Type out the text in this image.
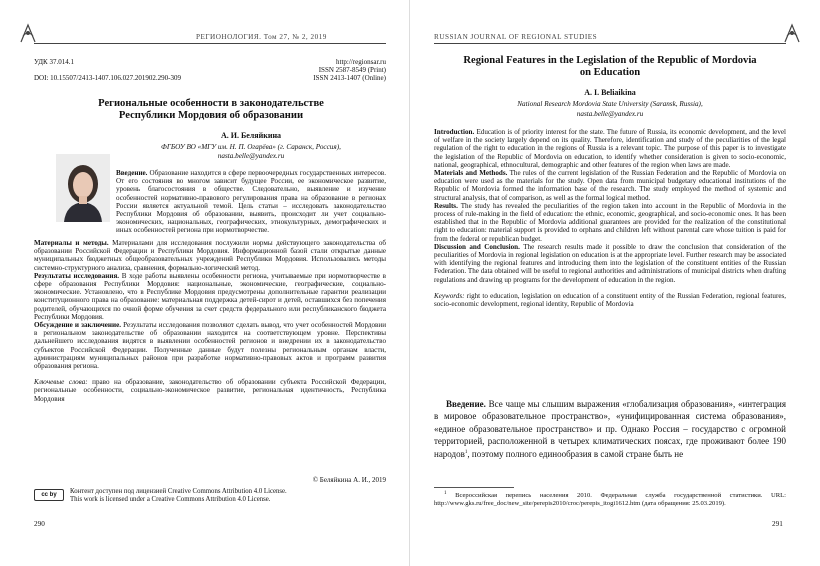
РЕГИОНОЛОГИЯ. Том 27, № 2, 2019
УДК 37.014.1
DOI: 10.15507/2413-1407.106.027.201902.290-309
http://regionsar.ru
ISSN 2587-8549 (Print)
ISSN 2413-1407 (Online)
Региональные особенности в законодательстве Республики Мордовия об образовании
А. И. Беляйкина
ФГБОУ ВО «МГУ им. Н. П. Огарёва» (г. Саранск, Россия),
nasta.belle@yandex.ru
Введение. Образование находится в сфере первоочередных государственных интересов. От его состояния во многом зависит будущее России, ее экономическое развитие, уровень благосостояния в обществе. Следовательно, выявление и изучение особенностей нормативно-правового регулирования права на образование в регионах России является актуальной темой. Цель статьи – исследовать законодательство Республики Мордовия об образовании, выявить, происходит ли учет социально-экономических, национальных, географических, этнокультурных, демографических и иных особенностей региона при нормотворчестве.
Материалы и методы. Материалами для исследования послужили нормы действующего законодательства об образовании Российской Федерации и Республики Мордовия. Информационной базой стали открытые данные муниципальных бюджетных общеобразовательных учреждений Республики Мордовия. Использовались методы системно-структурного анализа, сравнения, формально-логический метод.
Результаты исследования. В ходе работы выявлены особенности региона, учитываемые при нормотворчестве в сфере образования Республики Мордовия: национальные, экономические, географические, социально-экономические. Установлено, что в Республике Мордовия предусмотрены дополнительные гарантии реализации конституционного права на образование: материальная поддержка детей-сирот и детей, оставшихся без попечения родителей, обучающихся по очной форме обучения за счет средств федерального или республиканского бюджета Республики Мордовия.
Обсуждение и заключение. Результаты исследования позволяют сделать вывод, что учет особенностей Мордовии в региональном законодательстве об образовании находится на соответствующем уровне. Перспективы дальнейшего исследования видятся в выявлении особенностей регионов и внедрении их в законодательство субъектов Российской Федерации. Полученные данные будут полезны региональным органам власти, администрациям муниципальных районов при разработке нормативно-правовых актов и программ развития образования региона.
Ключевые слова: право на образование, законодательство об образовании субъекта Российской Федерации, региональные особенности, социально-экономическое развитие, региональная идентичность, Республика Мордовия
© Беляйкина А. И., 2019
cc by	Контент доступен под лицензией Creative Commons Attribution 4.0 License.
This work is licensed under a Creative Commons Attribution 4.0 License.
290
RUSSIAN JOURNAL OF REGIONAL STUDIES
Regional Features in the Legislation of the Republic of Mordovia on Education
A. I. Beliaikina
National Research Mordovia State University (Saransk, Russia),
nasta.belle@yandex.ru
Introduction. Education is of priority interest for the state. The future of Russia, its economic development, and the level of welfare in the society largely depend on its quality. Therefore, identification and study of the peculiarities of the legal regulation of the right to education in the regions of Russia is a relevant topic. The purpose of this paper is to investigate the legislation of the Republic of Mordovia on education, to identify whether consideration is given to socio-economic, national, geographical, ethnocultural, demographic and other features of the region when laws are made.
Materials and Methods. The rules of the current legislation of the Russian Federation and the Republic of Mordovia on education were used as the materials for the study. Open data from municipal budgetary educational institutions of the Republic of Mordovia formed the information base of the research. The study employed the method of systemic and structural analysis, that of comparison, as well as the formal logical method.
Results. The study has revealed the peculiarities of the region taken into account in the Republic of Mordovia in the process of rule-making in the field of education: the ethnic, economic, geographical, and socio-economic ones. It has been established that in the Republic of Mordovia additional guarantees are provided for the realization of the constitutional right to education: material support is provided to orphans and children left without parental care whose tuition is paid for from the federal or republican budget.
Discussion and Conclusion. The research results made it possible to draw the conclusion that consideration of the peculiarities of Mordovia in regional legislation on education is at the appropriate level. Further research may be associated with identifying the regional features and introducing them into the legislation of the constituent entities of the Russian Federation. The data obtained will be useful to regional authorities and administrations of municipal districts when drafting regulations and drawing up programs for the development of education in the region.
Keywords: right to education, legislation on education of a constituent entity of the Russian Federation, regional features, socio-economic development, regional identity, Republic of Mordovia
Введение. Все чаще мы слышим выражения «глобализация образования», «интеграция в мировое образовательное пространство», «унифицированная система образования», «единое образовательное пространство» и пр. Однако Россия – государство с огромной территорией, расположенной в четырех климатических поясах, где проживают более 190 народов$^1$, поэтому полного единообразия в самой стране быть не
$^1$ Всероссийская перепись населения 2010. Федеральная служба государственной статистики. URL: http://www.gks.ru/free_doc/new_site/perepis2010/croc/perepis_itogi1612.htm (дата обращения: 25.03.2019).
291
